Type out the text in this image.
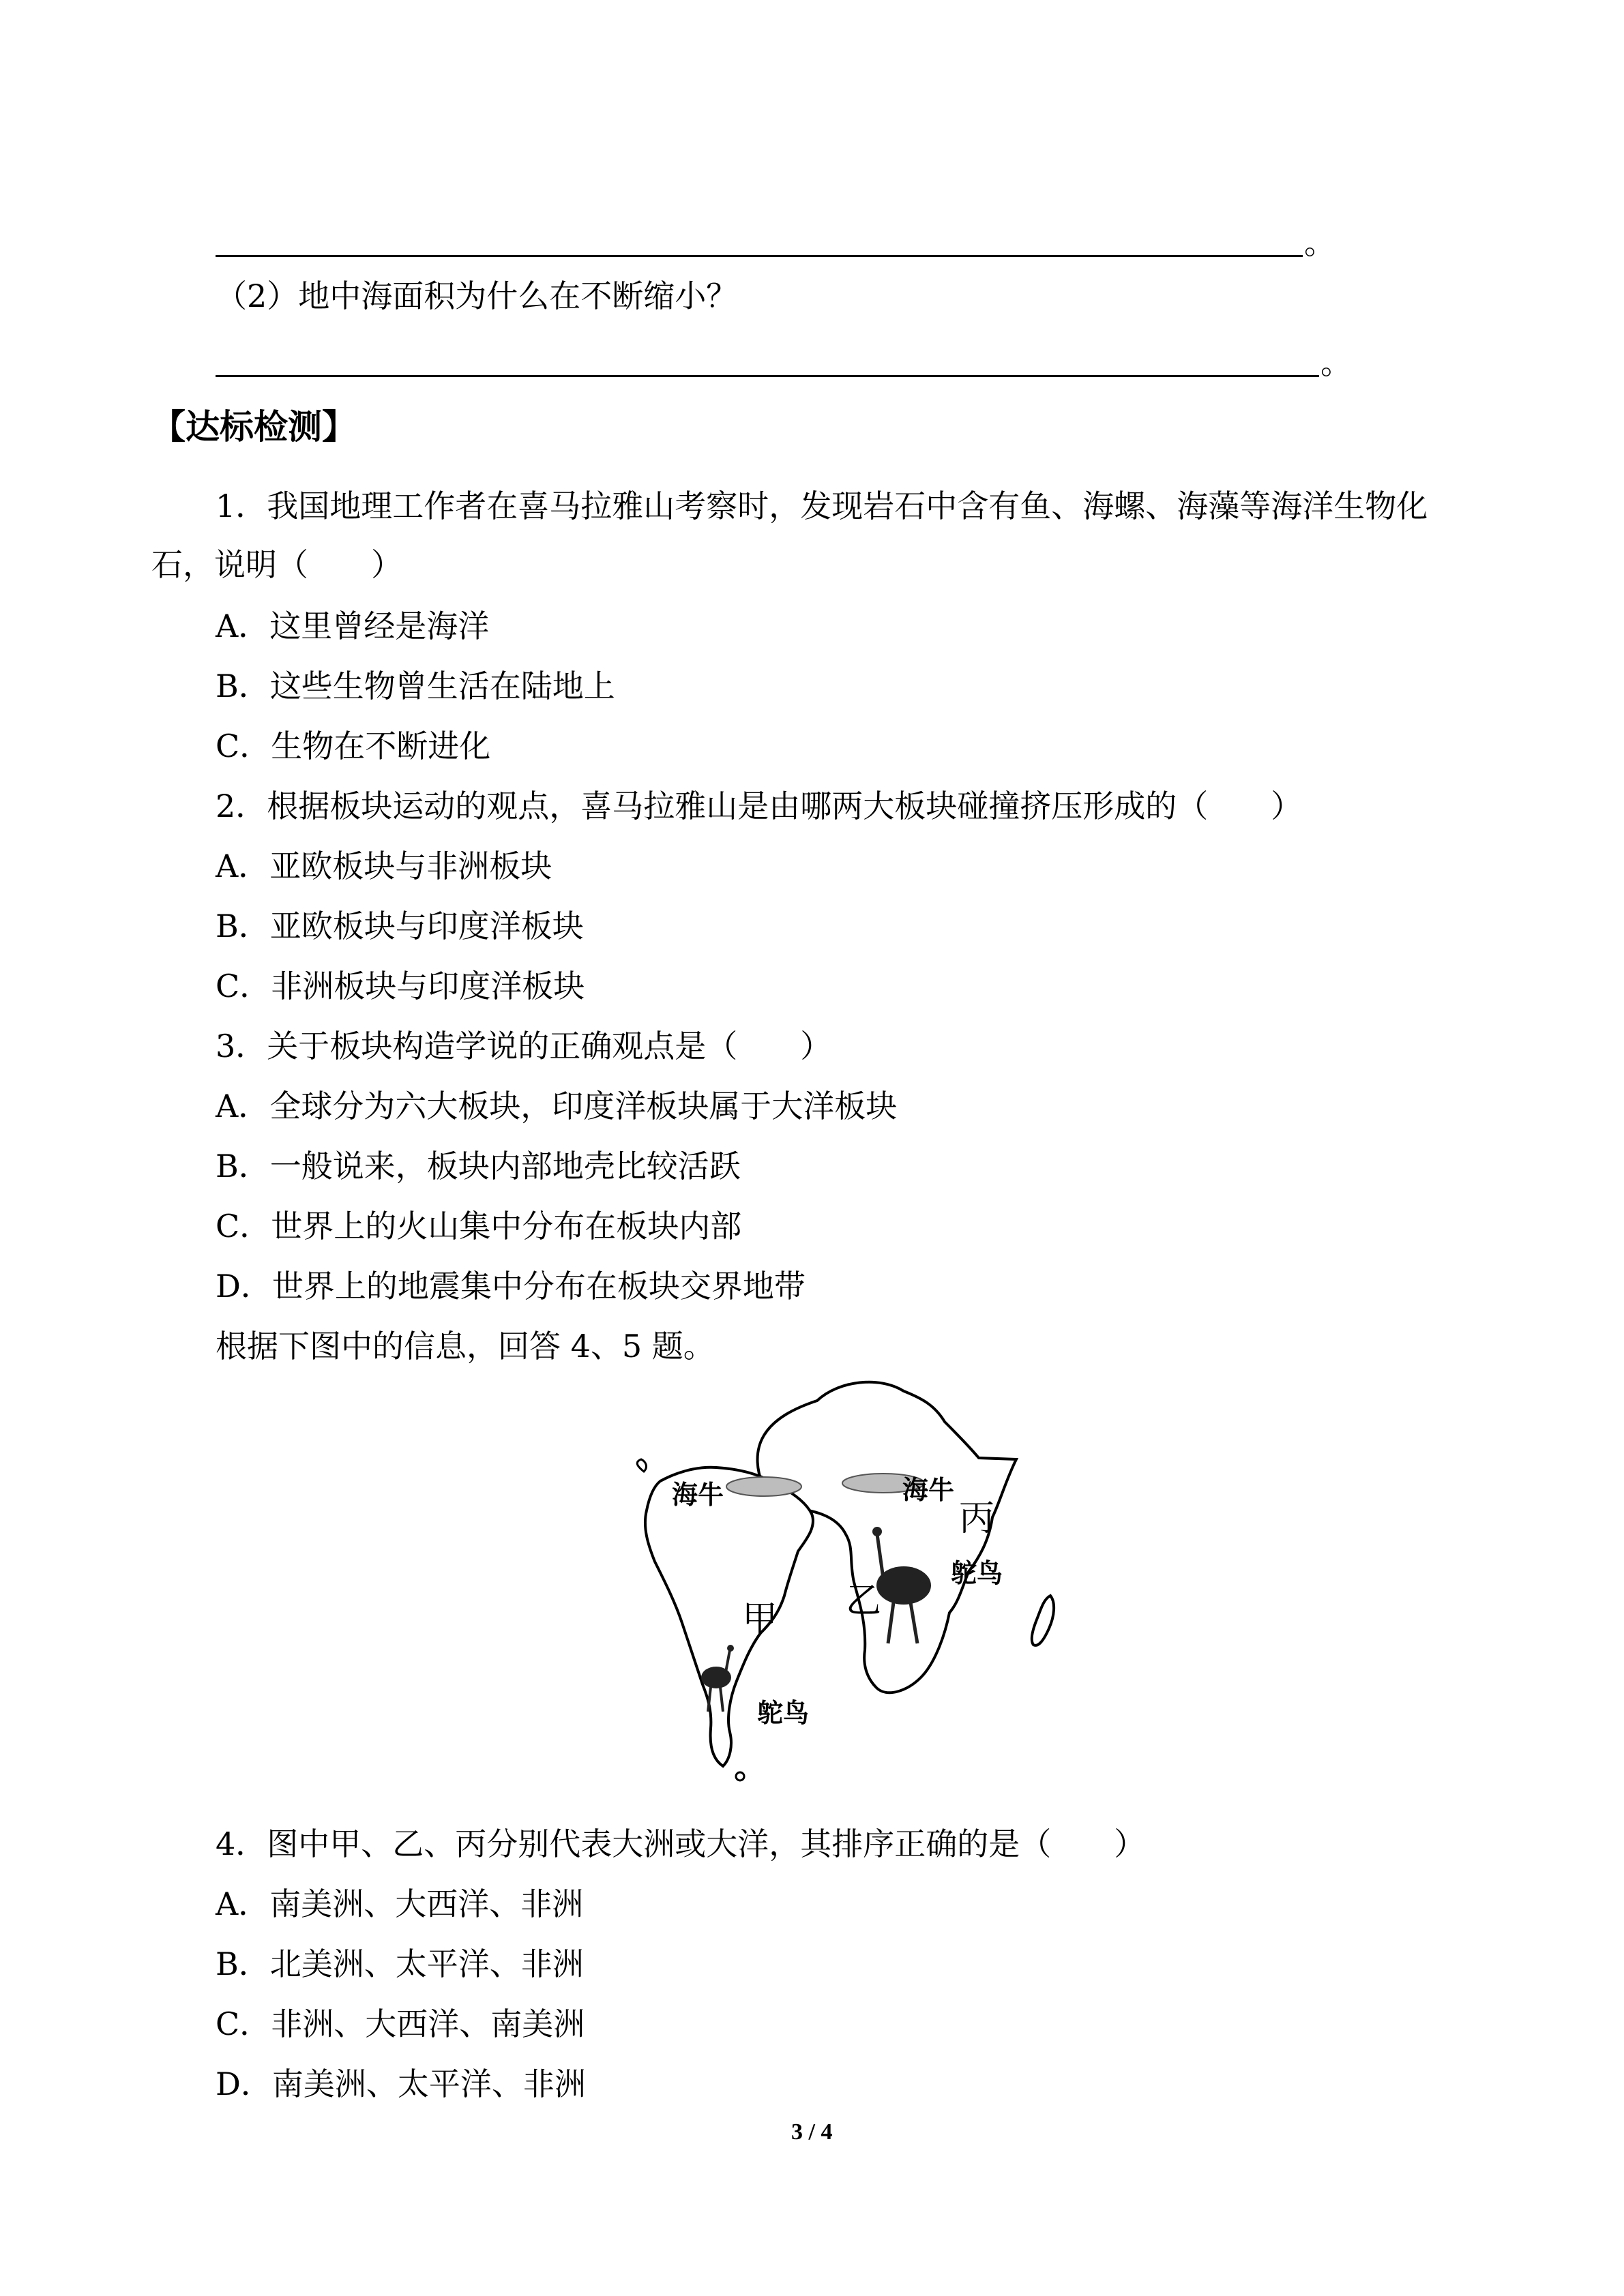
。
（2）地中海面积为什么在不断缩小？
。
【达标检测】
1．我国地理工作者在喜马拉雅山考察时，发现岩石中含有鱼、海螺、海藻等海洋生物化
石，说明（　　）
A．这里曾经是海洋
B．这些生物曾生活在陆地上
C．生物在不断进化
2．根据板块运动的观点，喜马拉雅山是由哪两大板块碰撞挤压形成的（　　）
A．亚欧板块与非洲板块
B．亚欧板块与印度洋板块
C．非洲板块与印度洋板块
3．关于板块构造学说的正确观点是（　　）
A．全球分为六大板块，印度洋板块属于大洋板块
B．一般说来，板块内部地壳比较活跃
C．世界上的火山集中分布在板块内部
D．世界上的地震集中分布在板块交界地带
根据下图中的信息，回答 4、5 题。
海牛	海牛
丙
鸵鸟
甲 乙
鸵鸟
4．图中甲、乙、丙分别代表大洲或大洋，其排序正确的是（　　）
A．南美洲、大西洋、非洲
B．北美洲、太平洋、非洲
C．非洲、大西洋、南美洲
D．南美洲、太平洋、非洲
3 / 4
